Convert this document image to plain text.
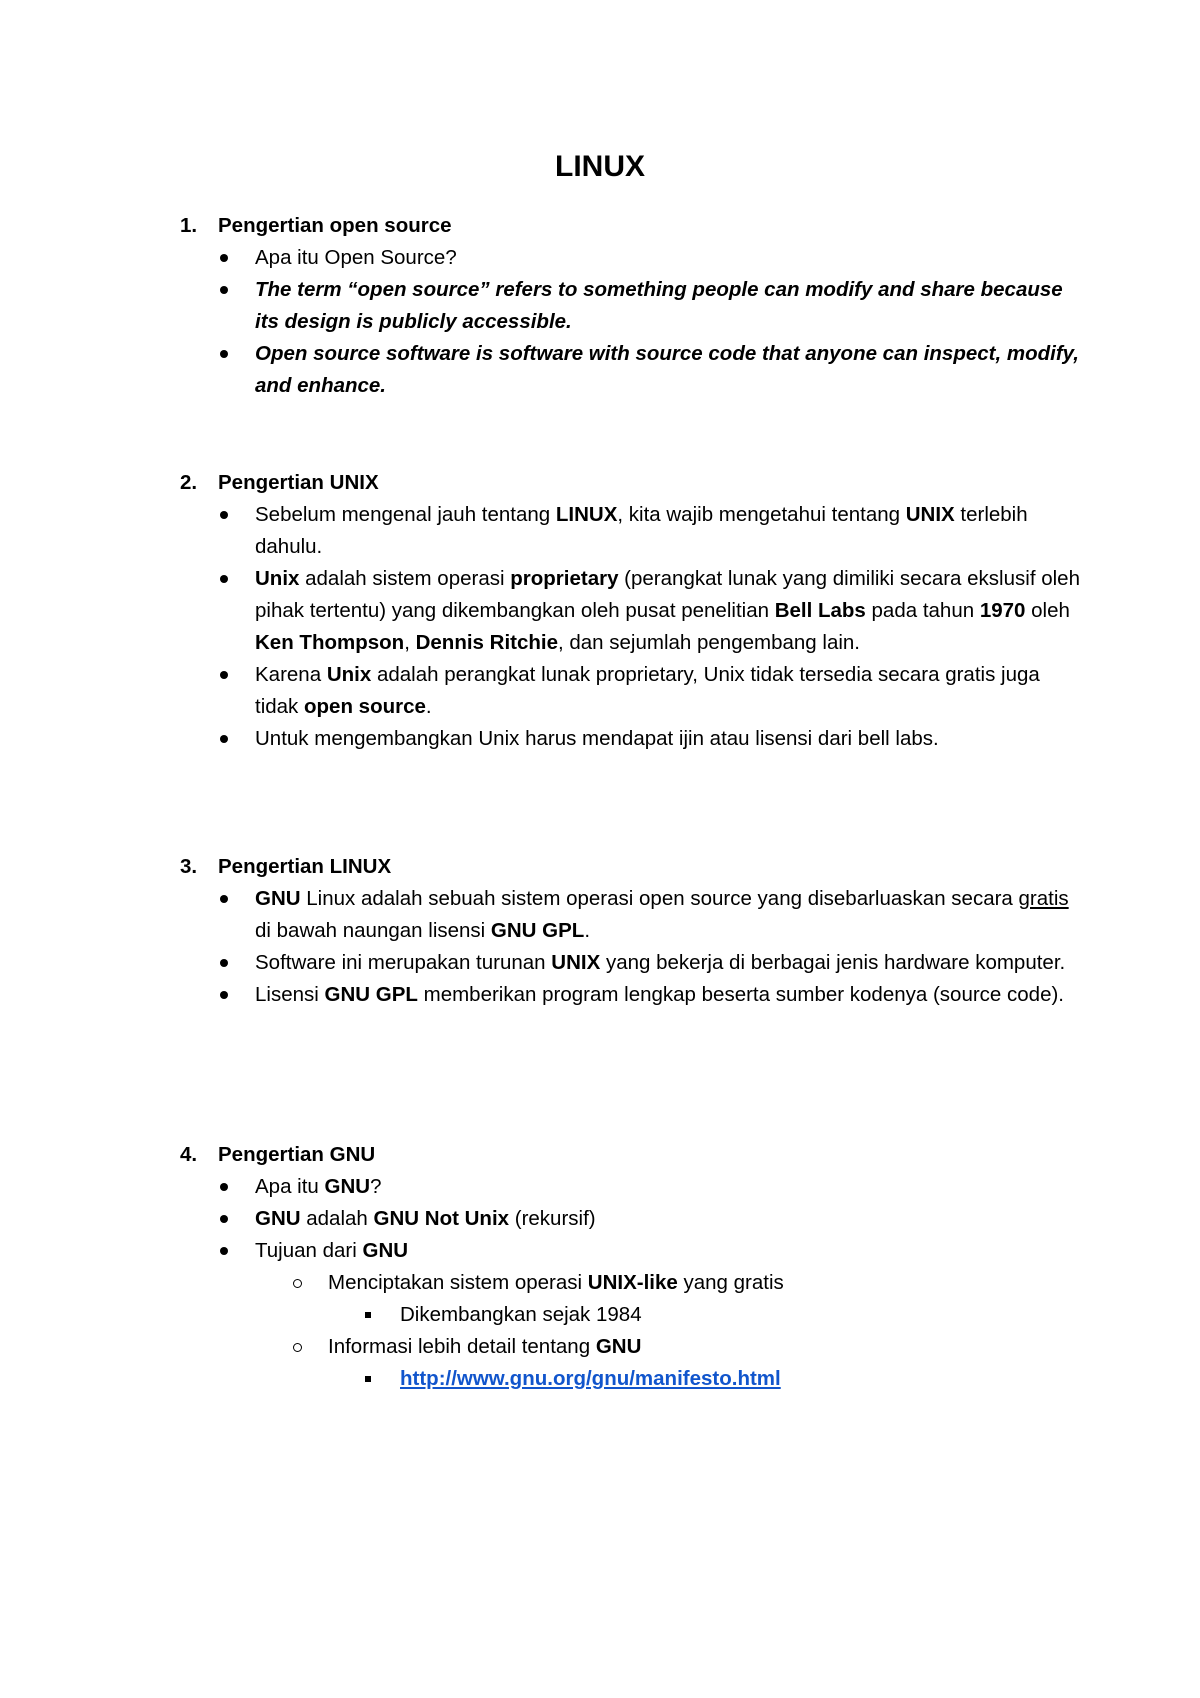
LINUX
1. Pengertian open source
Apa itu Open Source?
The term “open source” refers to something people can modify and share because its design is publicly accessible.
Open source software is software with source code that anyone can inspect, modify, and enhance.
2. Pengertian UNIX
Sebelum mengenal jauh tentang LINUX, kita wajib mengetahui tentang UNIX terlebih dahulu.
Unix adalah sistem operasi proprietary (perangkat lunak yang dimiliki secara ekslusif oleh pihak tertentu) yang dikembangkan oleh pusat penelitian Bell Labs pada tahun 1970 oleh Ken Thompson, Dennis Ritchie, dan sejumlah pengembang lain.
Karena Unix adalah perangkat lunak proprietary, Unix tidak tersedia secara gratis juga tidak open source.
Untuk mengembangkan Unix harus mendapat ijin atau lisensi dari bell labs.
3. Pengertian LINUX
GNU Linux adalah sebuah sistem operasi open source yang disebarluaskan secara gratis di bawah naungan lisensi GNU GPL.
Software ini merupakan turunan UNIX yang bekerja di berbagai jenis hardware komputer.
Lisensi GNU GPL memberikan program lengkap beserta sumber kodenya (source code).
4. Pengertian GNU
Apa itu GNU?
GNU adalah GNU Not Unix (rekursif)
Tujuan dari GNU
Menciptakan sistem operasi UNIX-like yang gratis
Dikembangkan sejak 1984
Informasi lebih detail tentang GNU
http://www.gnu.org/gnu/manifesto.html
